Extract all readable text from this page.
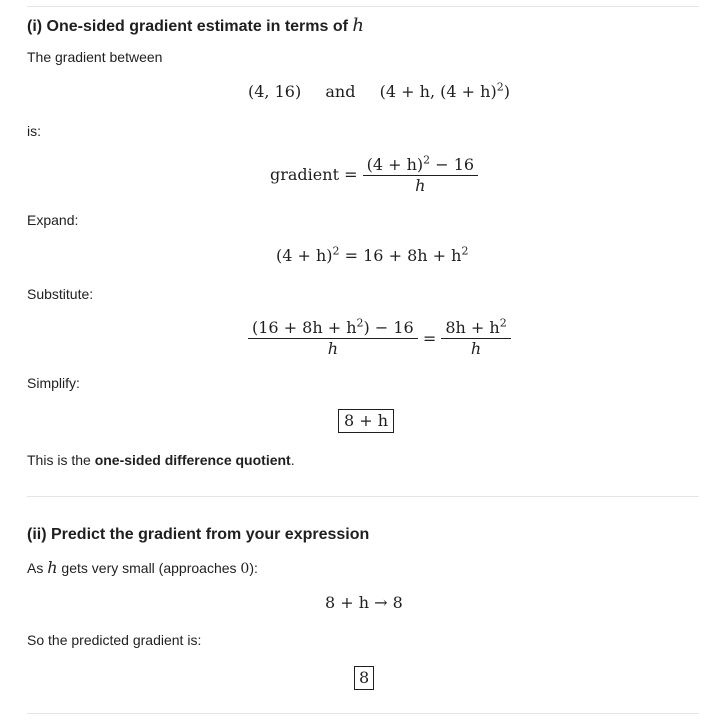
(i) One-sided gradient estimate in terms of h
The gradient between
(4, 16) and (4 + h, $(4 + h)^2$)
is:
gradient = $\frac{(4 + h)^2 - 16}{h}$
Expand:
$(4 + h)^2 = 16 + 8h + h^2$
Substitute:
$\frac{(16 + 8h + h^2) - 16}{h} = \frac{8h + h^2}{h}$
Simplify:
8 + h
This is the one-sided difference quotient.
(ii) Predict the gradient from your expression
As h gets very small (approaches 0):
8 + h → 8
So the predicted gradient is:
8
